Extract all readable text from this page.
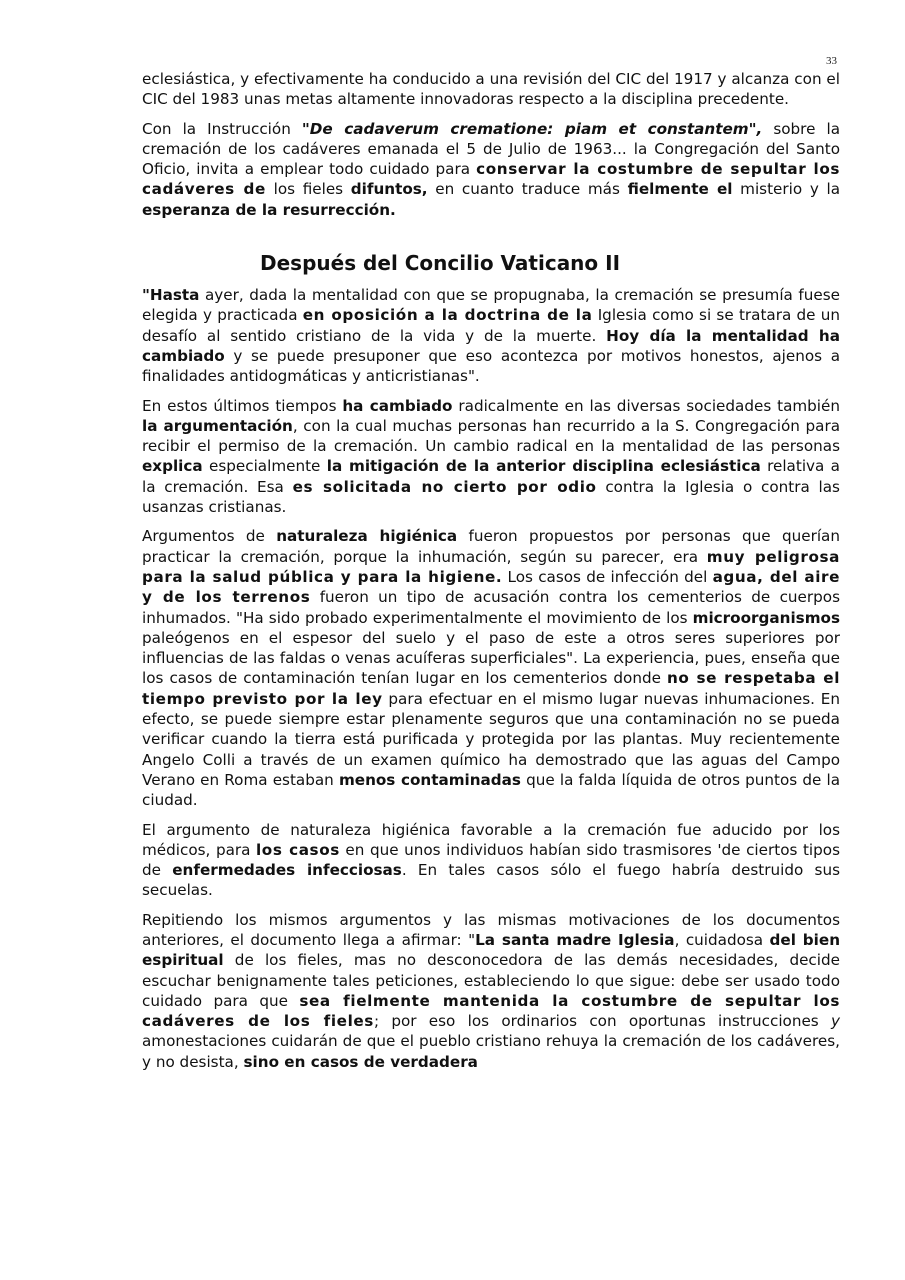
33

eclesiástica, y efectivamente ha conducido a una revisión del CIC del 1917 y alcanza con el CIC del 1983 unas metas altamente innovadoras respecto a la disciplina precedente.

Con la Instrucción "De cadaverum crematione: piam et constantem", sobre la cremación de los cadáveres emanada el 5 de Julio de 1963... la Congregación del Santo Oficio, invita a emplear todo cuidado para conservar la costumbre de sepultar los cadáveres de los fieles difuntos, en cuanto traduce más fielmente el misterio y la esperanza de la resurrección.

Después del Concilio Vaticano II

"Hasta ayer, dada la mentalidad con que se propugnaba, la cremación se presumía fuese elegida y practicada en oposición a la doctrina de la Iglesia como si se tratara de un desafío al sentido cristiano de la vida y de la muerte. Hoy día la mentalidad ha cambiado y se puede presuponer que eso acontezca por motivos honestos, ajenos a finalidades antidogmáticas y anticristianas".

En estos últimos tiempos ha cambiado radicalmente en las diversas sociedades también la argumentación, con la cual muchas personas han recurrido a la S. Congregación para recibir el permiso de la cremación. Un cambio radical en la mentalidad de las personas explica especialmente la mitigación de la anterior disciplina eclesiástica relativa a la cremación. Esa es solicitada no cierto por odio contra la Iglesia o contra las usanzas cristianas.

Argumentos de naturaleza higiénica fueron propuestos por personas que querían practicar la cremación, porque la inhumación, según su parecer, era muy peligrosa para la salud pública y para la higiene. Los casos de infección del agua, del aire y de los terrenos fueron un tipo de acusación contra los cementerios de cuerpos inhumados. "Ha sido probado experimentalmente el movimiento de los microorganismos paleógenos en el espesor del suelo y el paso de este a otros seres superiores por influencias de las faldas o venas acuíferas superficiales". La experiencia, pues, enseña que los casos de contaminación tenían lugar en los cementerios donde no se respetaba el tiempo previsto por la ley para efectuar en el mismo lugar nuevas inhumaciones. En efecto, se puede siempre estar plenamente seguros que una contaminación no se pueda verificar cuando la tierra está purificada y protegida por las plantas. Muy recientemente Angelo Colli a través de un examen químico ha demostrado que las aguas del Campo Verano en Roma estaban menos contaminadas que la falda líquida de otros puntos de la ciudad.

El argumento de naturaleza higiénica favorable a la cremación fue aducido por los médicos, para los casos en que unos individuos habían sido trasmisores 'de ciertos tipos de enfermedades infecciosas. En tales casos sólo el fuego habría destruido sus secuelas.

Repitiendo los mismos argumentos y las mismas motivaciones de los documentos anteriores, el documento llega a afirmar: "La santa madre Iglesia, cuidadosa del bien espiritual de los fieles, mas no desconocedora de las demás necesidades, decide escuchar benignamente tales peticiones, estableciendo lo que sigue: debe ser usado todo cuidado para que sea fielmente mantenida la costumbre de sepultar los cadáveres de los fieles; por eso los ordinarios con oportunas instrucciones y amonestaciones cuidarán de que el pueblo cristiano rehuya la cremación de los cadáveres, y no desista, sino en casos de verdadera
